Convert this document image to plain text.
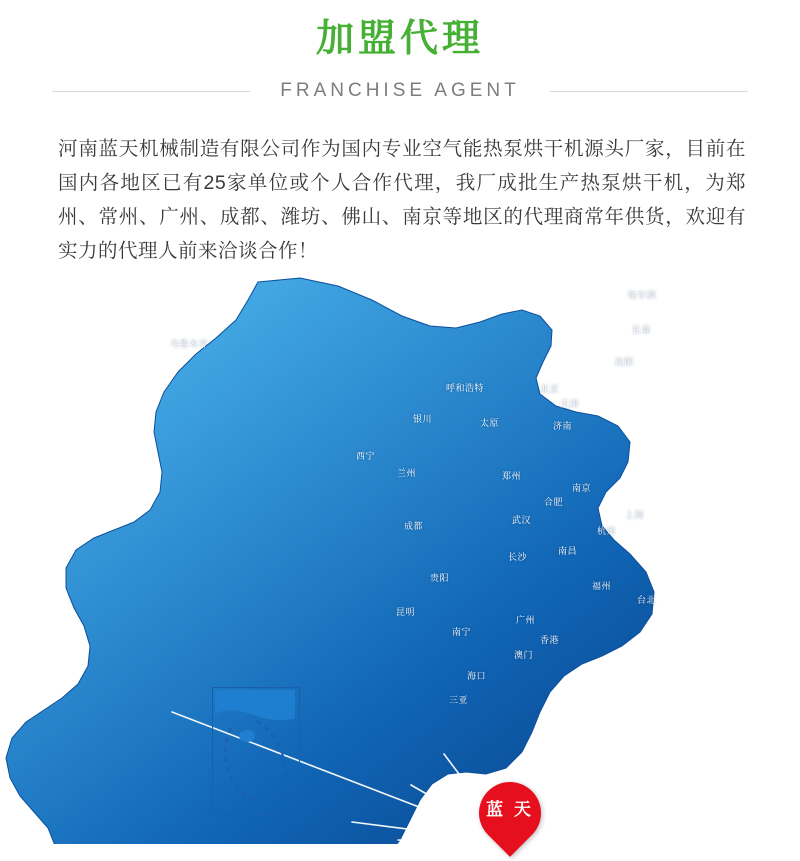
加盟代理
FRANCHISE AGENT

河南蓝天机械制造有限公司作为国内专业空气能热泵烘干机源头厂家，目前在国内各地区已有25家单位或个人合作代理，我厂成批生产热泵烘干机，为郑州、常州、广州、成都、潍坊、佛山、南京等地区的代理商常年供货，欢迎有实力的代理人前来洽谈合作！

哈尔滨
长春
沈阳
乌鲁木齐
呼和浩特	北京
天津
银川	太原	济南
西宁
兰州	郑州
南京
合肥
上海
武汉
杭州
成都
长沙
南昌
贵阳
福州
昆明
台北
广州
南宁
香港
澳门
海口
三亚
蓝 天
